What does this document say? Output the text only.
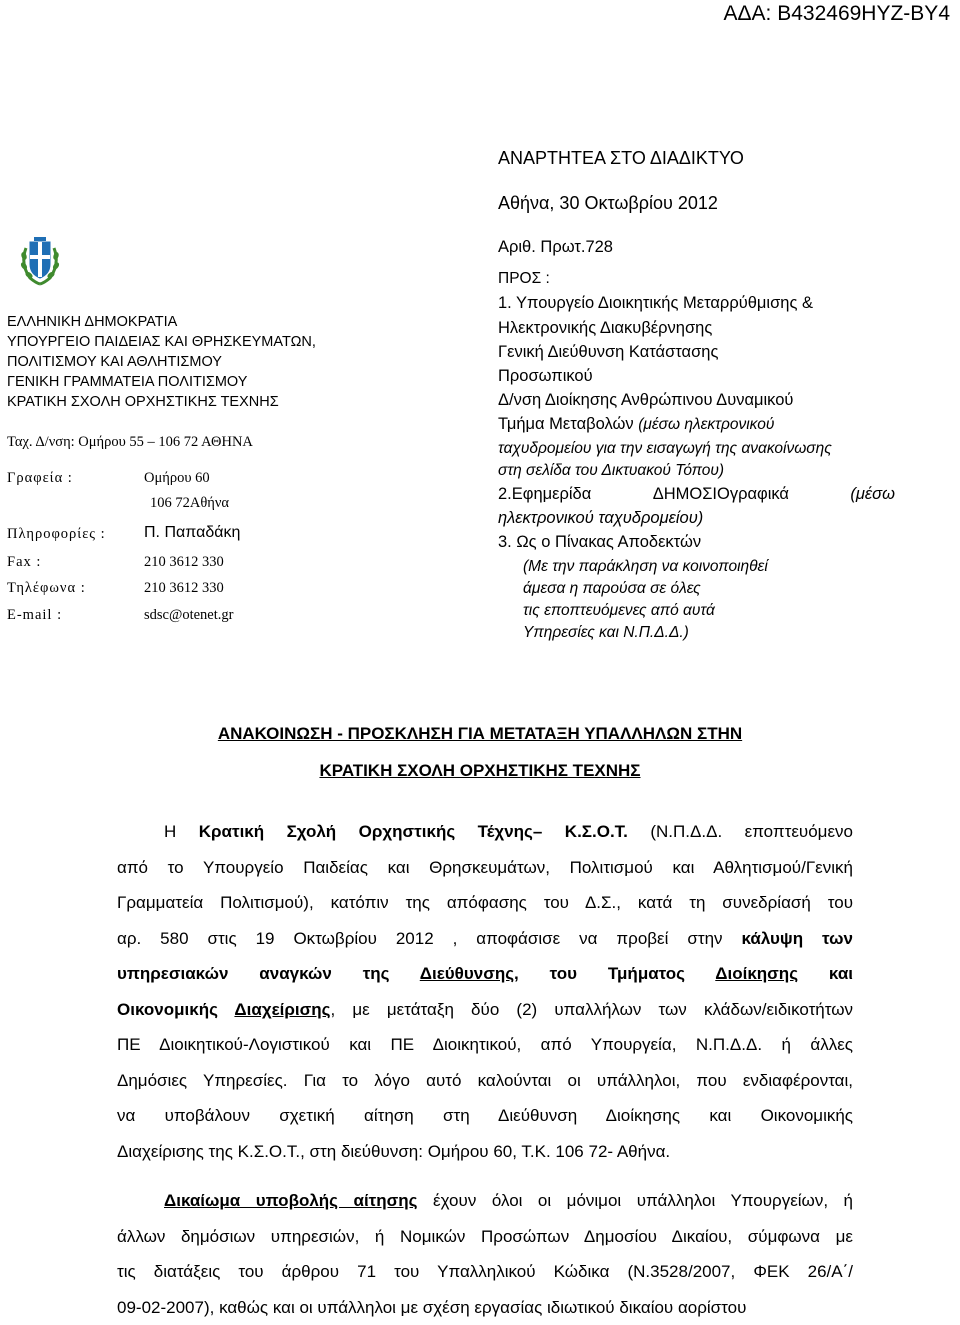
ΑΔΑ: Β432469ΗΥΖ-ΒΥ4
ΑΝΑΡΤΗΤΕΑ ΣΤΟ ΔΙΑΔΙΚΤΥΟ
Αθήνα, 30 Οκτωβρίου 2012
ΕΛΛΗΝΙΚΗ ΔΗΜΟΚΡΑΤΙΑ
ΥΠΟΥΡΓΕΙΟ ΠΑΙΔΕΙΑΣ ΚΑΙ ΘΡΗΣΚΕΥΜΑΤΩΝ,
ΠΟΛΙΤΙΣΜΟΥ ΚΑΙ ΑΘΛΗΤΙΣΜΟΥ
ΓΕΝΙΚΗ ΓΡΑΜΜΑΤΕΙΑ ΠΟΛΙΤΙΣΜΟΥ
ΚΡΑΤΙΚΗ ΣΧΟΛΗ ΟΡΧΗΣΤΙΚΗΣ ΤΕΧΝΗΣ
Ταχ. Δ/νση: Ομήρου 55 – 106 72 ΑΘΗΝΑ
Γραφεία :	Ομήρου 60
106 72Αθήνα
Πληροφορίες : Π. Παπαδάκη
Fax :	210 3612 330
Τηλέφωνα :	210 3612 330
E-mail :	sdsc@otenet.gr
Αριθ. Πρωτ.728
ΠΡΟΣ :
1. Υπουργείο Διοικητικής Μεταρρύθμισης &
Ηλεκτρονικής Διακυβέρνησης
Γενική Διεύθυνση Κατάστασης
Προσωπικού
Δ/νση Διοίκησης Ανθρώπινου Δυναμικού
Τμήμα Μεταβολών (μέσω ηλεκτρονικού
ταχυδρομείου για την εισαγωγή της ανακοίνωσης
στη σελίδα του Δικτυακού Τόπου)
2.Εφημερίδα	ΔΗΜΟΣΙΟγραφικά	(μέσω
ηλεκτρονικού ταχυδρομείου)
3. Ως ο Πίνακας Αποδεκτών
(Με την παράκληση να κοινοποιηθεί
άμεσα η παρούσα σε όλες
τις εποπτευόμενες από αυτά
Υπηρεσίες και Ν.Π.Δ.Δ.)
ΑΝΑΚΟΙΝΩΣΗ - ΠΡΟΣΚΛΗΣΗ ΓΙΑ ΜΕΤΑΤΑΞΗ ΥΠΑΛΛΗΛΩΝ ΣΤΗΝ
ΚΡΑΤΙΚΗ ΣΧΟΛΗ ΟΡΧΗΣΤΙΚΗΣ ΤΕΧΝΗΣ
Η Κρατική Σχολή Ορχηστικής Τέχνης– Κ.Σ.Ο.Τ. (Ν.Π.Δ.Δ. εποπτευόμενο
από το Υπουργείο Παιδείας και Θρησκευμάτων, Πολιτισμού και Αθλητισμού/Γενική
Γραμματεία Πολιτισμού), κατόπιν της απόφασης του Δ.Σ., κατά τη συνεδρίασή του
αρ. 580 στις 19 Οκτωβρίου 2012 , αποφάσισε να προβεί στην κάλυψη των
υπηρεσιακών αναγκών της Διεύθυνσης, του Τμήματος Διοίκησης και
Οικονομικής Διαχείρισης, με μετάταξη δύο (2) υπαλλήλων των κλάδων/ειδικοτήτων
ΠΕ Διοικητικού-Λογιστικού και ΠΕ Διοικητικού, από Υπουργεία, Ν.Π.Δ.Δ. ή άλλες
Δημόσιες Υπηρεσίες. Για το λόγο αυτό καλούνται οι υπάλληλοι, που ενδιαφέρονται,
να υποβάλουν σχετική αίτηση στη Διεύθυνση Διοίκησης και Οικονομικής
Διαχείρισης της Κ.Σ.Ο.Τ., στη διεύθυνση: Ομήρου 60, Τ.Κ. 106 72- Αθήνα.
Δικαίωμα υποβολής αίτησης έχουν όλοι οι μόνιμοι υπάλληλοι Υπουργείων, ή
άλλων δημόσιων υπηρεσιών, ή Νομικών Προσώπων Δημοσίου Δικαίου, σύμφωνα με
τις διατάξεις του άρθρου 71 του Υπαλληλικού Κώδικα (Ν.3528/2007, ΦΕΚ 26/Α΄/
09-02-2007), καθώς και οι υπάλληλοι με σχέση εργασίας ιδιωτικού δικαίου αορίστου
